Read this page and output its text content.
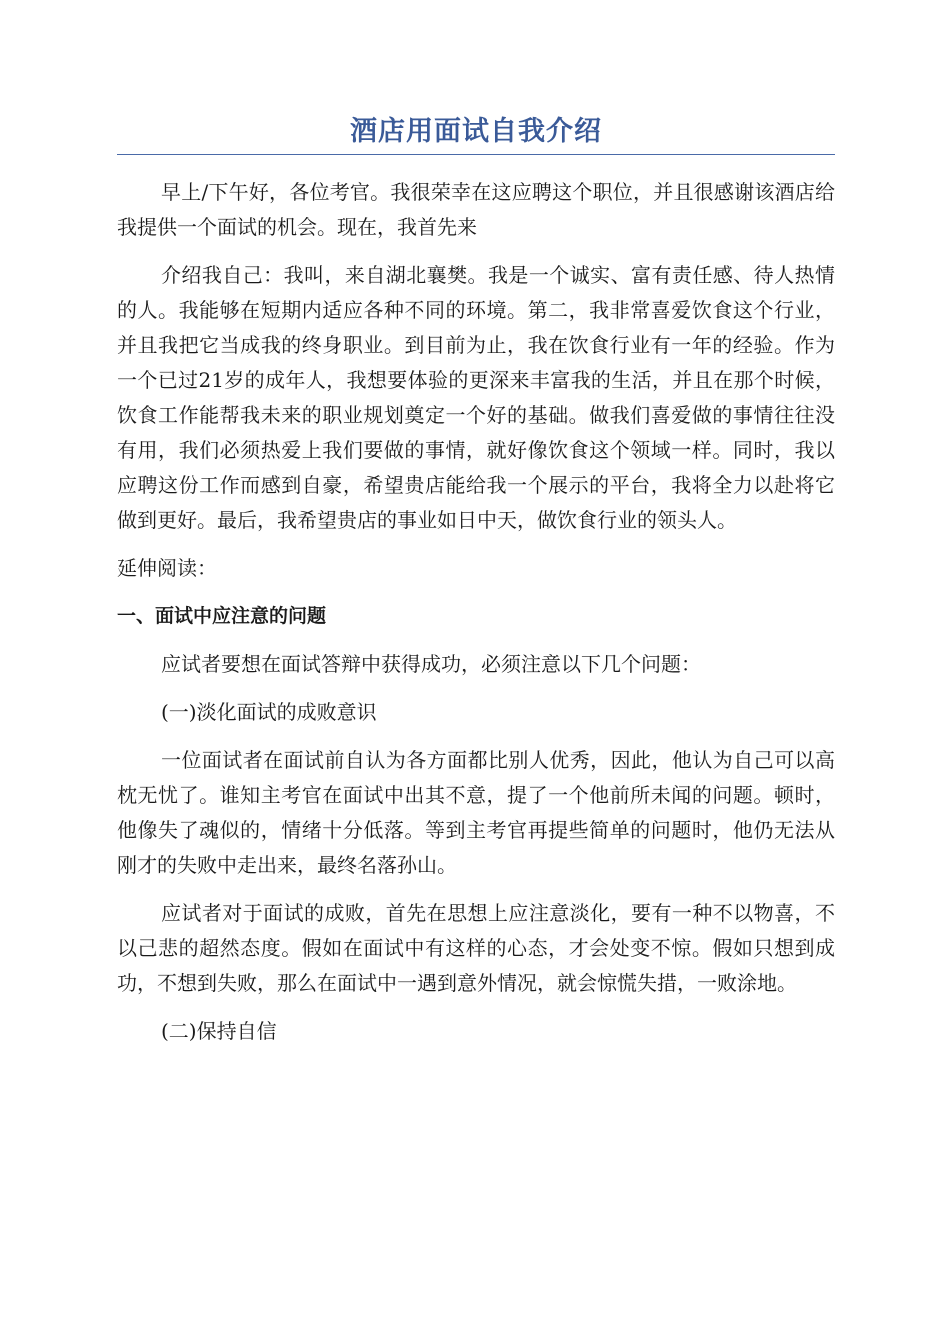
酒店用面试自我介绍

早上/下午好，各位考官。我很荣幸在这应聘这个职位，并且很感谢该酒店给我提供一个面试的机会。现在，我首先来

介绍我自己：我叫，来自湖北襄樊。我是一个诚实、富有责任感、待人热情的人。我能够在短期内适应各种不同的环境。第二，我非常喜爱饮食这个行业，并且我把它当成我的终身职业。到目前为止，我在饮食行业有一年的经验。作为一个已过21岁的成年人，我想要体验的更深来丰富我的生活，并且在那个时候，饮食工作能帮我未来的职业规划奠定一个好的基础。做我们喜爱做的事情往往没有用，我们必须热爱上我们要做的事情，就好像饮食这个领域一样。同时，我以应聘这份工作而感到自豪，希望贵店能给我一个展示的平台，我将全力以赴将它做到更好。最后，我希望贵店的事业如日中天，做饮食行业的领头人。

延伸阅读：

一、面试中应注意的问题

应试者要想在面试答辩中获得成功，必须注意以下几个问题：

(一)淡化面试的成败意识

一位面试者在面试前自认为各方面都比别人优秀，因此，他认为自己可以高枕无忧了。谁知主考官在面试中出其不意，提了一个他前所未闻的问题。顿时，他像失了魂似的，情绪十分低落。等到主考官再提些简单的问题时，他仍无法从刚才的失败中走出来，最终名落孙山。

应试者对于面试的成败，首先在思想上应注意淡化，要有一种不以物喜，不以己悲的超然态度。假如在面试中有这样的心态，才会处变不惊。假如只想到成功，不想到失败，那么在面试中一遇到意外情况，就会惊慌失措，一败涂地。

(二)保持自信
